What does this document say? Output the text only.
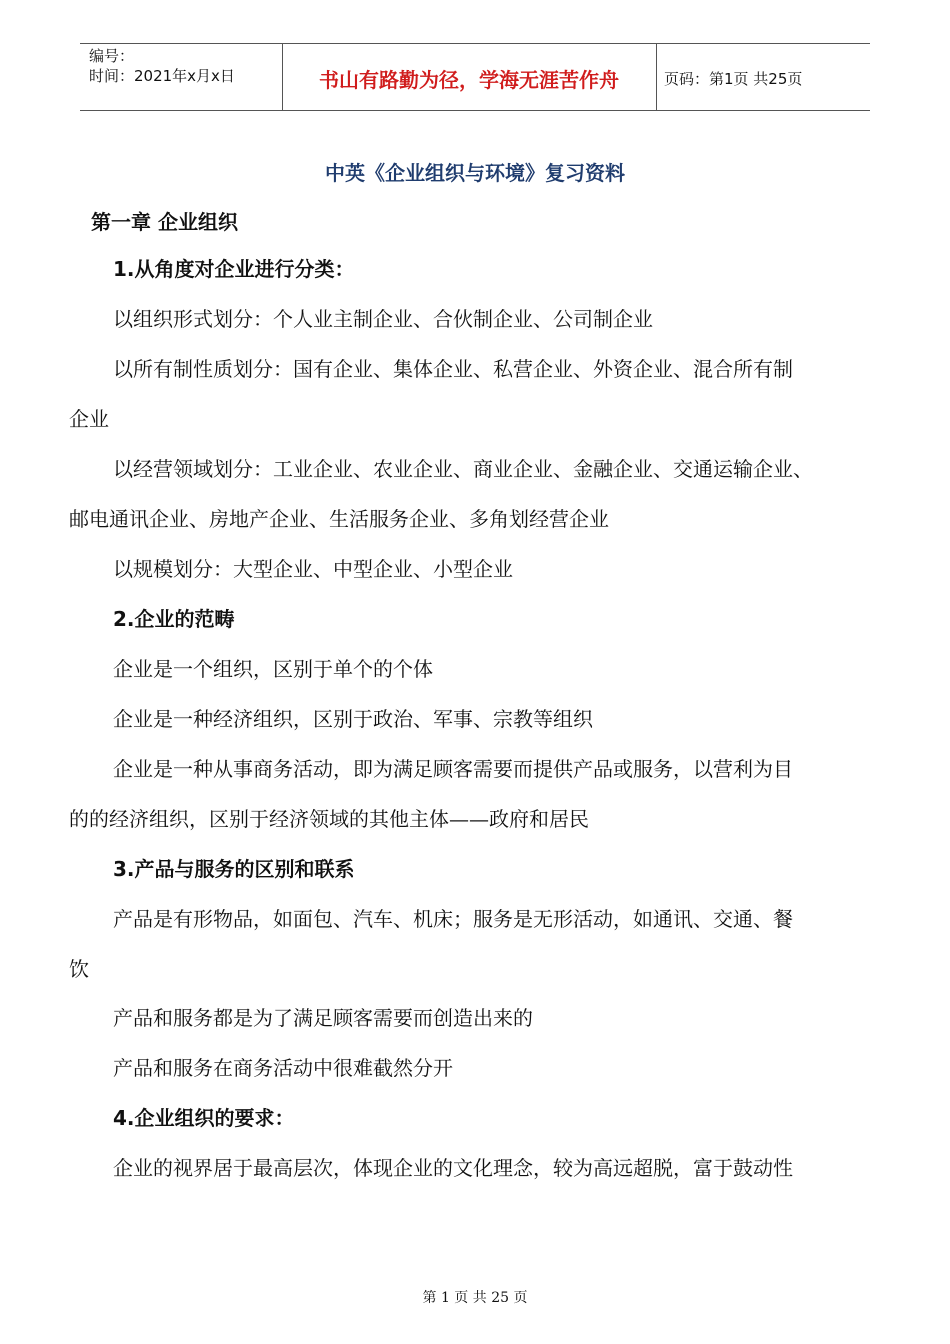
编号：
时间：2021年x月x日	书山有路勤为径，学海无涯苦作舟	页码：第1页 共25页
中英《企业组织与环境》复习资料
第一章 企业组织
1.从角度对企业进行分类：
以组织形式划分：个人业主制企业、合伙制企业、公司制企业
以所有制性质划分：国有企业、集体企业、私营企业、外资企业、混合所有制
企业
以经营领域划分：工业企业、农业企业、商业企业、金融企业、交通运输企业、
邮电通讯企业、房地产企业、生活服务企业、多角划经营企业
以规模划分：大型企业、中型企业、小型企业
2.企业的范畴
企业是一个组织，区别于单个的个体
企业是一种经济组织，区别于政治、军事、宗教等组织
企业是一种从事商务活动，即为满足顾客需要而提供产品或服务，以营利为目
的的经济组织，区别于经济领域的其他主体——政府和居民
3.产品与服务的区别和联系
产品是有形物品，如面包、汽车、机床；服务是无形活动，如通讯、交通、餐
饮
产品和服务都是为了满足顾客需要而创造出来的
产品和服务在商务活动中很难截然分开
4.企业组织的要求：
企业的视界居于最高层次，体现企业的文化理念，较为高远超脱，富于鼓动性
第 1 页 共 25 页
